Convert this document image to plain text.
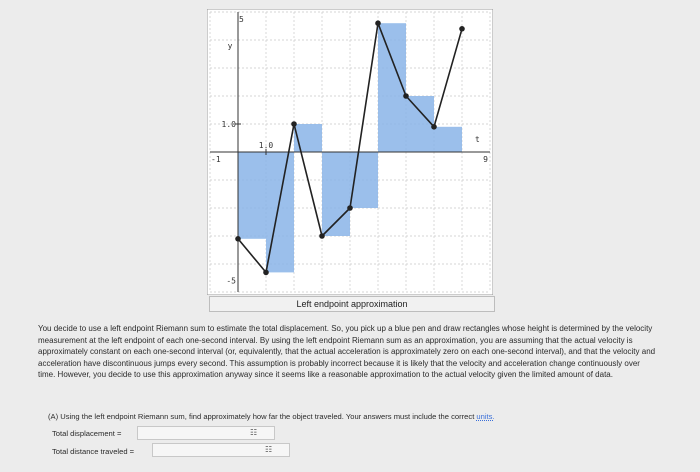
y
t
5
1.0
-5
-1
1.0
9
Left endpoint approximation

You decide to use a left endpoint Riemann sum to estimate the total displacement. So, you pick up a blue pen and draw rectangles whose height is determined by the velocity measurement at the left endpoint of each one-second interval. By using the left endpoint Riemann sum as an approximation, you are assuming that the actual velocity is approximately constant on each one-second interval (or, equivalently, that the actual acceleration is approximately zero on each one-second interval), and that the velocity and acceleration have discontinuous jumps every second. This assumption is probably incorrect because it is likely that the velocity and acceleration change continuously over time. However, you decide to use this approximation anyway since it seems like a reasonable approximation to the actual velocity given the limited amount of data.

(A) Using the left endpoint Riemann sum, find approximately how far the object traveled. Your answers must include the correct units.
Total displacement =	☷
Total distance traveled =	☷
